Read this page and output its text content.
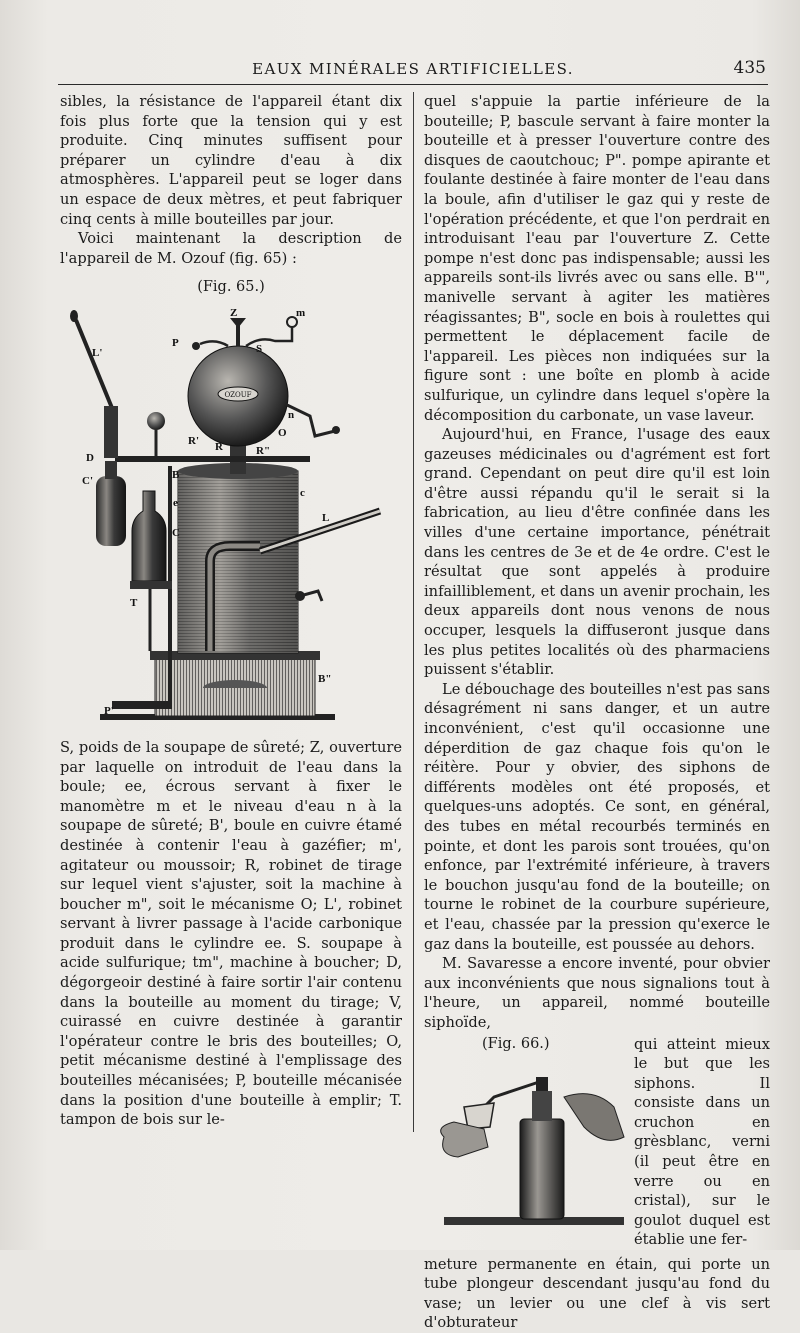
EAUX MINÉRALES ARTIFICIELLES.	435

sibles, la résistance de l'appareil étant dix fois plus forte que la tension qui y est produite. Cinq minutes suffisent pour préparer un cylindre d'eau à dix atmosphères. L'appareil peut se loger dans un espace de deux mètres, et peut fabriquer cinq cents à mille bouteilles par jour.

Voici maintenant la description de l'appareil de M. Ozouf (fig. 65) :

(Fig. 65.)
OZOUF
L'
P
Z	m
S
n
O
R' R	R"
D
C'	B
e
C
c
L
T
B"
P'

S, poids de la soupape de sûreté; Z, ouverture par laquelle on introduit de l'eau dans la boule; ee, écrous servant à fixer le manomètre m et le niveau d'eau n à la soupape de sûreté; B', boule en cuivre étamé destinée à contenir l'eau à gazéfier; m', agitateur ou moussoir; R, robinet de tirage sur lequel vient s'ajuster, soit la machine à boucher m", soit le mécanisme O; L', robinet servant à livrer passage à l'acide carbonique produit dans le cylindre ee. S. soupape à acide sulfurique; tm", machine à boucher; D, dégorgeoir destiné à faire sortir l'air contenu dans la bouteille au moment du tirage; V, cuirassé en cuivre destinée à garantir l'opérateur contre le bris des bouteilles; O, petit mécanisme destiné à l'emplissage des bouteilles mécanisées; P, bouteille mécanisée dans la position d'une bouteille à emplir; T. tampon de bois sur le-

quel s'appuie la partie inférieure de la bouteille; P, bascule servant à faire monter la bouteille et à presser l'ouverture contre des disques de caoutchouc; P". pompe apirante et foulante destinée à faire monter de l'eau dans la boule, afin d'utiliser le gaz qui y reste de l'opération précédente, et que l'on perdrait en introduisant l'eau par l'ouverture Z. Cette pompe n'est donc pas indispensable; aussi les appareils sont-ils livrés avec ou sans elle. B'", manivelle servant à agiter les matières réagissantes; B", socle en bois à roulettes qui permettent le déplacement facile de l'appareil. Les pièces non indiquées sur la figure sont : une boîte en plomb à acide sulfurique, un cylindre dans lequel s'opère la décomposition du carbonate, un vase laveur.

Aujourd'hui, en France, l'usage des eaux gazeuses médicinales ou d'agrément est fort grand. Cependant on peut dire qu'il est loin d'être aussi répandu qu'il le serait si la fabrication, au lieu d'être confinée dans les villes d'une certaine importance, pénétrait dans les centres de 3e et de 4e ordre. C'est le résultat que sont appelés à produire infailliblement, et dans un avenir prochain, les deux appareils dont nous venons de nous occuper, lesquels la diffuseront jusque dans les plus petites localités où des pharmaciens puissent s'établir.

Le débouchage des bouteilles n'est pas sans désagrément ni sans danger, et un autre inconvénient, c'est qu'il occasionne une déperdition de gaz chaque fois qu'on le réitère. Pour y obvier, des siphons de différents modèles ont été proposés, et quelques-uns adoptés. Ce sont, en général, des tubes en métal recourbés terminés en pointe, et dont les parois sont trouées, qu'on enfonce, par l'extrémité inférieure, à travers le bouchon jusqu'au fond de la bouteille; on tourne le robinet de la courbure supérieure, et l'eau, chassée par la pression qu'exerce le gaz dans la bouteille, est poussée au dehors.

M. Savaresse a encore inventé, pour obvier aux inconvénients que nous signalions tout à l'heure, un appareil, nommé bouteille siphoïde,

(Fig. 66.)	qui atteint mieux le but que les siphons. Il consiste dans un cruchon en grèsblanc, verni (il peut être en verre ou en cristal), sur le goulot duquel est établie une fer-

meture permanente en étain, qui porte un tube plongeur descendant jusqu'au fond du vase; un levier ou une clef à vis sert d'obturateur
